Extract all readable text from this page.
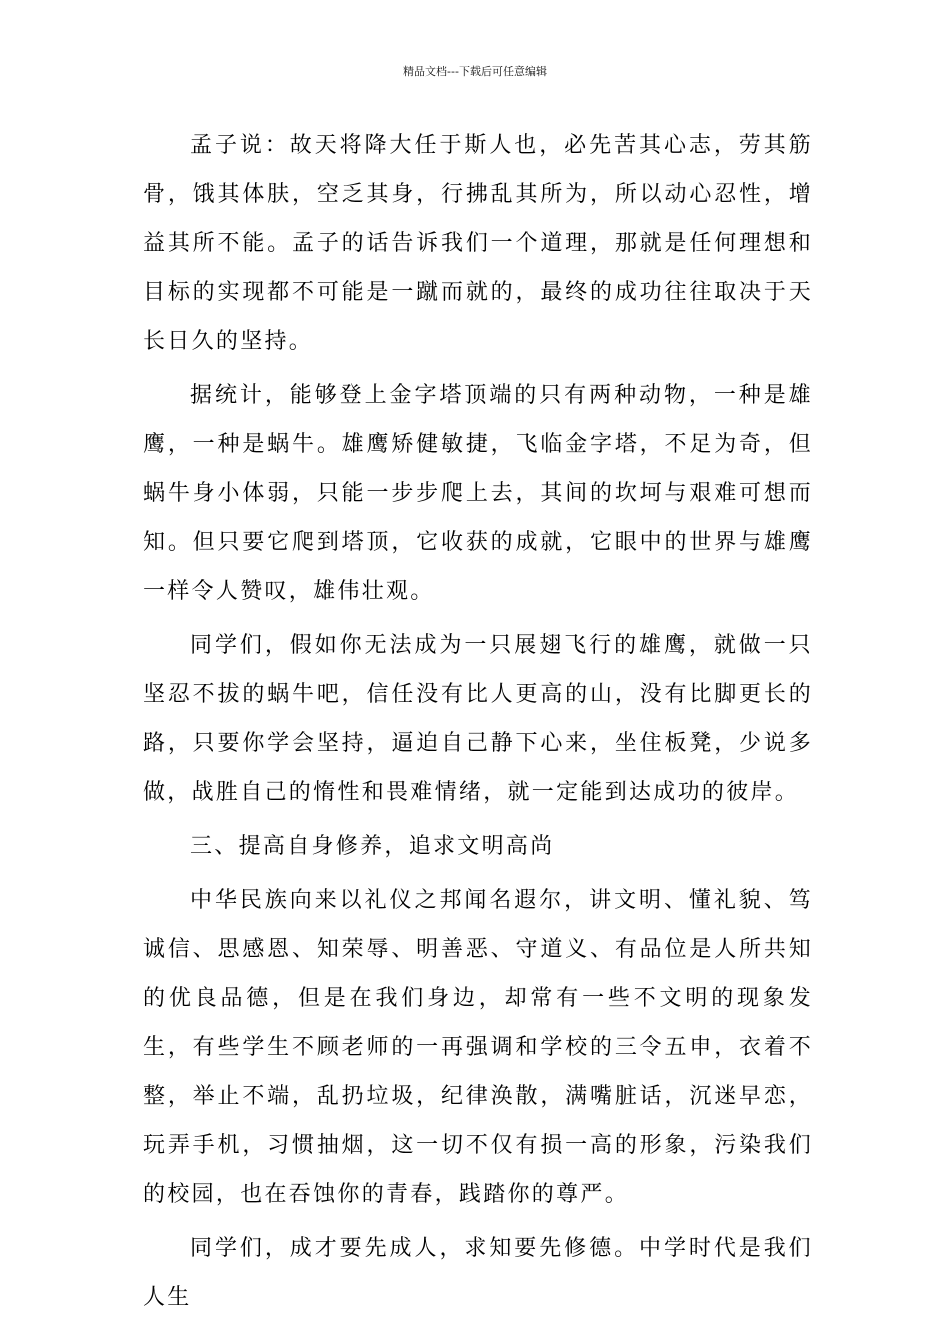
精品文档---下载后可任意编辑

孟子说：故天将降大任于斯人也，必先苦其心志，劳其筋骨，饿其体肤，空乏其身，行拂乱其所为，所以动心忍性，增益其所不能。孟子的话告诉我们一个道理，那就是任何理想和目标的实现都不可能是一蹴而就的，最终的成功往往取决于天长日久的坚持。

据统计，能够登上金字塔顶端的只有两种动物，一种是雄鹰，一种是蜗牛。雄鹰矫健敏捷，飞临金字塔，不足为奇，但蜗牛身小体弱，只能一步步爬上去，其间的坎坷与艰难可想而知。但只要它爬到塔顶，它收获的成就，它眼中的世界与雄鹰一样令人赞叹，雄伟壮观。

同学们，假如你无法成为一只展翅飞行的雄鹰，就做一只坚忍不拔的蜗牛吧，信任没有比人更高的山，没有比脚更长的路，只要你学会坚持，逼迫自己静下心来，坐住板凳，少说多做，战胜自己的惰性和畏难情绪，就一定能到达成功的彼岸。

三、提高自身修养，追求文明高尚

中华民族向来以礼仪之邦闻名遐尔，讲文明、懂礼貌、笃诚信、思感恩、知荣辱、明善恶、守道义、有品位是人所共知的优良品德，但是在我们身边，却常有一些不文明的现象发生，有些学生不顾老师的一再强调和学校的三令五申，衣着不整，举止不端，乱扔垃圾，纪律涣散，满嘴脏话，沉迷早恋，玩弄手机，习惯抽烟，这一切不仅有损一高的形象，污染我们的校园，也在吞蚀你的青春，践踏你的尊严。

同学们，成才要先成人，求知要先修德。中学时代是我们人生
